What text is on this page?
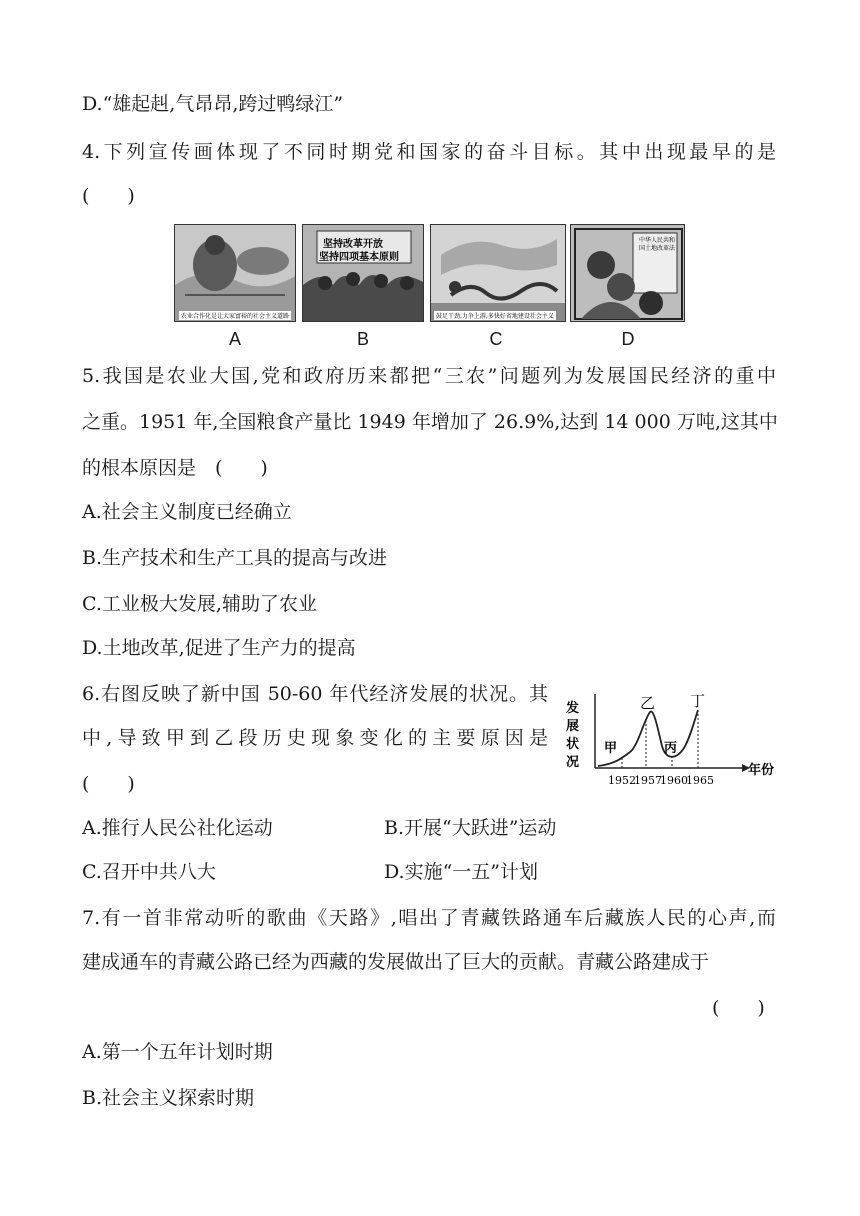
D.“雄起赳,气昂昂,跨过鸭绿江”
4.下列宣传画体现了不同时期党和国家的奋斗目标。其中出现最早的是
(　　)
农业合作化是让大家富裕的社会主义道路
坚持改革开放
坚持四项基本原则
鼓足干劲,力争上游,多快好省地建设社会主义
中华人民共和国土地改革法
A	B	C	D
5.我国是农业大国,党和政府历来都把“三农”问题列为发展国民经济的重中
之重。1951 年,全国粮食产量比 1949 年增加了 26.9%,达到 14 000 万吨,这其中
的根本原因是　(　　)
A.社会主义制度已经确立
B.生产技术和生产工具的提高与改进
C.工业极大发展,辅助了农业
D.土地改革,促进了生产力的提高
6.右图反映了新中国 50-60 年代经济发展的状况。其
中,导致甲到乙段历史现象变化的主要原因是
(　　)
发
展
状
况
甲
乙
丙
丁
1952
1957
1960
1965
年份
A.推行人民公社化运动	B.开展“大跃进”运动
C.召开中共八大	D.实施“一五”计划
7.有一首非常动听的歌曲《天路》,唱出了青藏铁路通车后藏族人民的心声,而
建成通车的青藏公路已经为西藏的发展做出了巨大的贡献。青藏公路建成于
(　　)
A.第一个五年计划时期
B.社会主义探索时期
